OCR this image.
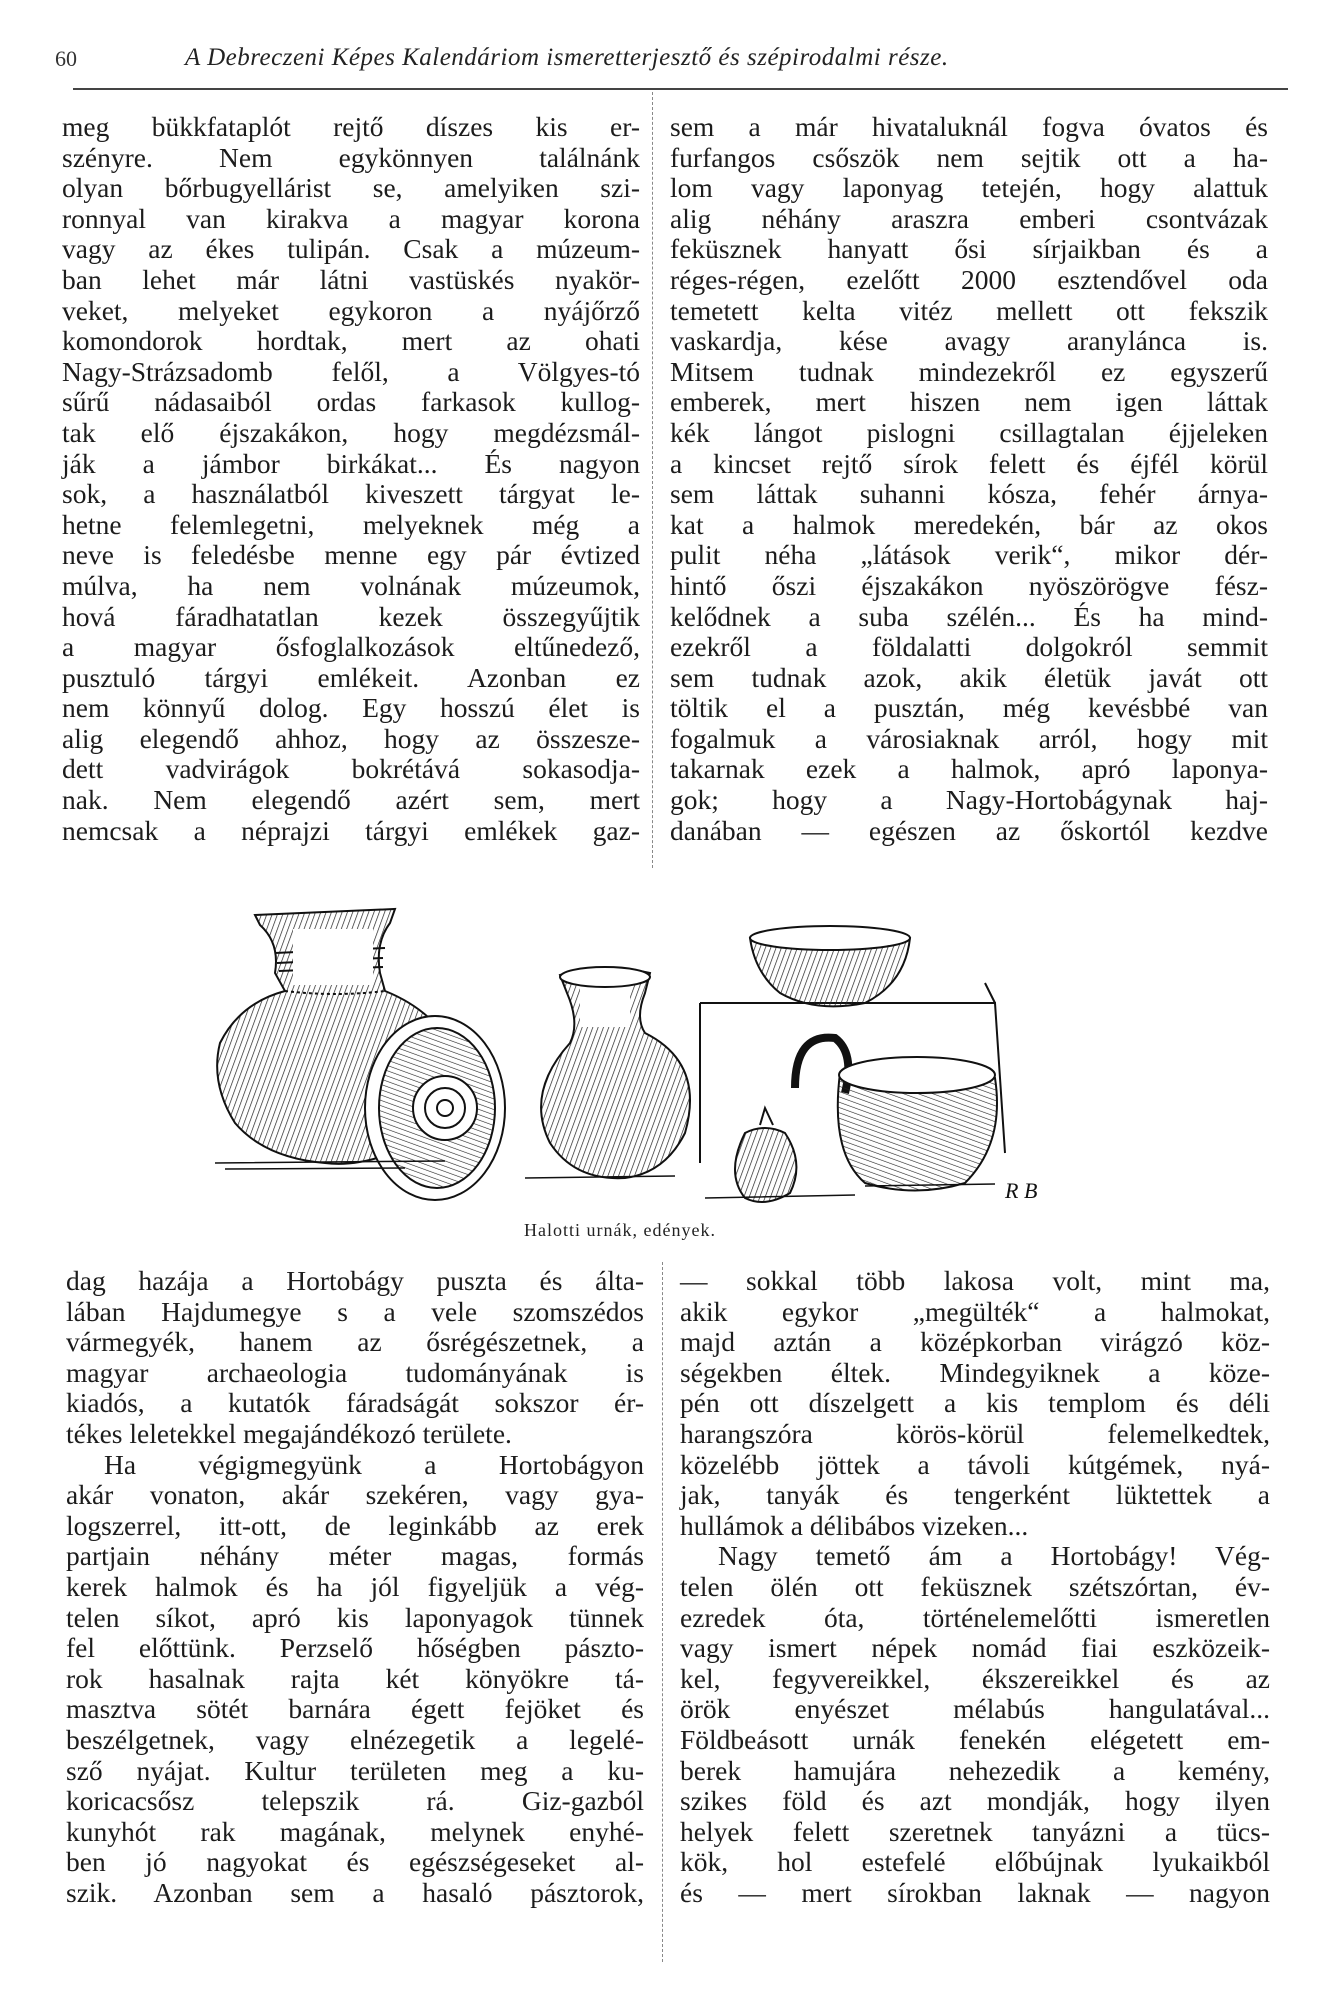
60	A Debreczeni Képes Kalendáriom ismeretterjesztő és szépirodalmi része.
meg bükkfataplót rejtő díszes kis er-
szényre. Nem egykönnyen találnánk
olyan bőrbugyellárist se, amelyiken szi-
ronnyal van kirakva a magyar korona
vagy az ékes tulipán. Csak a múzeum-
ban lehet már látni vastüskés nyakör-
veket, melyeket egykoron a nyájőrző
komondorok hordtak, mert az ohati
Nagy-Strázsadomb felől, a Völgyes-tó
sűrű nádasaiból ordas farkasok kullog-
tak elő éjszakákon, hogy megdézsmál-
ják a jámbor birkákat... És nagyon
sok, a használatból kiveszett tárgyat le-
hetne felemlegetni, melyeknek még a
neve is feledésbe menne egy pár évtized
múlva, ha nem volnának múzeumok,
hová fáradhatatlan kezek összegyűjtik
a magyar ősfoglalkozások eltűnedező,
pusztuló tárgyi emlékeit. Azonban ez
nem könnyű dolog. Egy hosszú élet is
alig elegendő ahhoz, hogy az összesze-
dett vadvirágok bokrétává sokasodja-
nak. Nem elegendő azért sem, mert
nemcsak a néprajzi tárgyi emlékek gaz-
sem a már hivataluknál fogva óvatos és
furfangos csőszök nem sejtik ott a ha-
lom vagy laponyag tetején, hogy alattuk
alig néhány araszra emberi csontvázak
feküsznek hanyatt ősi sírjaikban és a
réges-régen, ezelőtt 2000 esztendővel oda
temetett kelta vitéz mellett ott fekszik
vaskardja, kése avagy aranylánca is.
Mitsem tudnak mindezekről ez egyszerű
emberek, mert hiszen nem igen láttak
kék lángot pislogni csillagtalan éjjeleken
a kincset rejtő sírok felett és éjfél körül
sem láttak suhanni kósza, fehér árnya-
kat a halmok meredekén, bár az okos
pulit néha „látások verik“, mikor dér-
hintő őszi éjszakákon nyöszörögve fész-
kelődnek a suba szélén... És ha mind-
ezekről a földalatti dolgokról semmit
sem tudnak azok, akik életük javát ott
töltik el a pusztán, még kevésbbé van
fogalmuk a városiaknak arról, hogy mit
takarnak ezek a halmok, apró laponya-
gok; hogy a Nagy-Hortobágynak haj-
danában — egészen az őskortól kezdve
R B
Halotti urnák, edények.
dag hazája a Hortobágy puszta és álta-
lában Hajdumegye s a vele szomszédos
vármegyék, hanem az ősrégészetnek, a
magyar archaeologia tudományának is
kiadós, a kutatók fáradságát sokszor ér-
tékes leletekkel megajándékozó területe.
Ha végigmegyünk a Hortobágyon
akár vonaton, akár szekéren, vagy gya-
logszerrel, itt-ott, de leginkább az erek
partjain néhány méter magas, formás
kerek halmok és ha jól figyeljük a vég-
telen síkot, apró kis laponyagok tünnek
fel előttünk. Perzselő hőségben pászto-
rok hasalnak rajta két könyökre tá-
masztva sötét barnára égett fejöket és
beszélgetnek, vagy elnézegetik a legelé-
sző nyájat. Kultur területen meg a ku-
koricacsősz telepszik rá. Giz-gazból
kunyhót rak magának, melynek enyhé-
ben jó nagyokat és egészségeseket al-
szik. Azonban sem a hasaló pásztorok,
— sokkal több lakosa volt, mint ma,
akik egykor „megülték“ a halmokat,
majd aztán a középkorban virágzó köz-
ségekben éltek. Mindegyiknek a köze-
pén ott díszelgett a kis templom és déli
harangszóra körös-körül felemelkedtek,
közelébb jöttek a távoli kútgémek, nyá-
jak, tanyák és tengerként lüktettek a
hullámok a délibábos vizeken...
Nagy temető ám a Hortobágy! Vég-
telen ölén ott feküsznek szétszórtan, év-
ezredek óta, történelemelőtti ismeretlen
vagy ismert népek nomád fiai eszközeik-
kel, fegyvereikkel, ékszereikkel és az
örök enyészet mélabús hangulatával...
Földbeásott urnák fenekén elégetett em-
berek hamujára nehezedik a kemény,
szikes föld és azt mondják, hogy ilyen
helyek felett szeretnek tanyázni a tücs-
kök, hol estefelé előbújnak lyukaikból
és — mert sírokban laknak — nagyon
